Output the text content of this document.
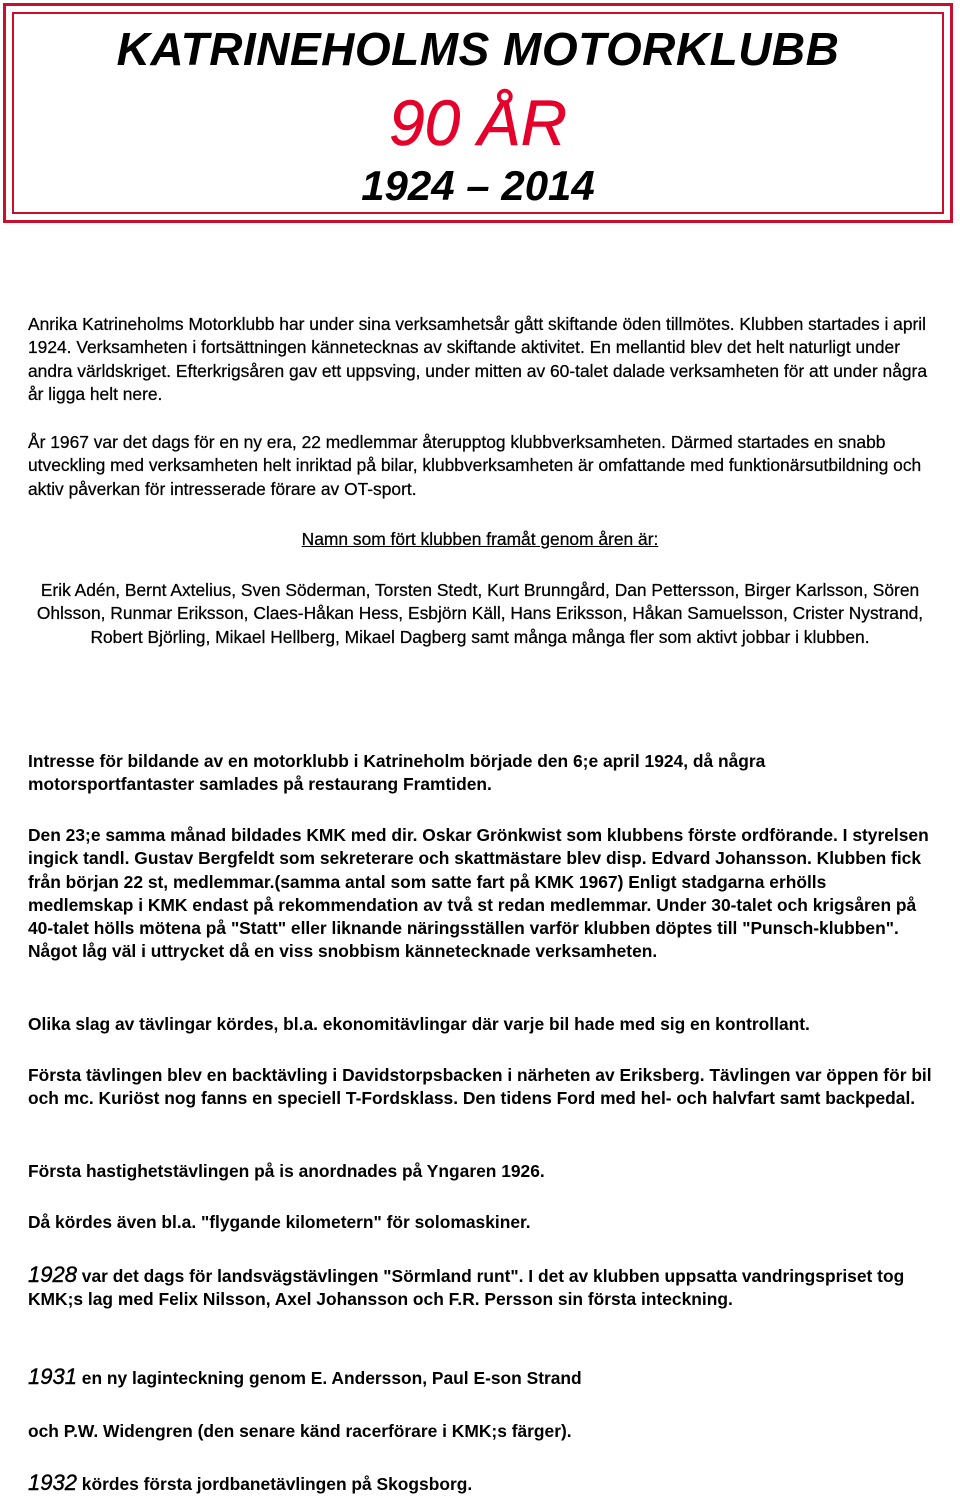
KATRINEHOLMS MOTORKLUBB
90 ÅR
1924 – 2014

Anrika Katrineholms Motorklubb har under sina verksamhetsår gått skiftande öden tillmötes. Klubben startades i april 1924. Verksamheten i fortsättningen kännetecknas av skiftande aktivitet. En mellantid blev det helt naturligt under andra världskriget. Efterkrigsåren gav ett uppsving, under mitten av 60-talet dalade verksamheten för att under några år ligga helt nere.

År 1967 var det dags för en ny era, 22 medlemmar återupptog klubbverksamheten. Därmed startades en snabb utveckling med verksamheten helt inriktad på bilar, klubbverksamheten är omfattande med funktionärsutbildning och aktiv påverkan för intresserade förare av OT-sport.

Namn som fört klubben framåt genom åren är:

Erik Adén, Bernt Axtelius, Sven Söderman, Torsten Stedt, Kurt Brunngård, Dan Pettersson, Birger Karlsson, Sören Ohlsson, Runmar Eriksson, Claes-Håkan Hess, Esbjörn Käll, Hans Eriksson, Håkan Samuelsson, Crister Nystrand, Robert Björling, Mikael Hellberg, Mikael Dagberg samt många många fler som aktivt jobbar i klubben.

Intresse för bildande av en motorklubb i Katrineholm började den 6;e april 1924, då några motorsportfantaster samlades på restaurang Framtiden.

Den 23;e samma månad bildades KMK med dir. Oskar Grönkwist som klubbens förste ordförande. I styrelsen ingick tandl. Gustav Bergfeldt som sekreterare och skattmästare blev disp. Edvard Johansson. Klubben fick från början 22 st, medlemmar.(samma antal som satte fart på KMK 1967) Enligt stadgarna erhölls medlemskap i KMK endast på rekommendation av två st redan medlemmar. Under 30-talet och krigsåren på 40-talet hölls mötena på "Statt" eller liknande näringsställen varför klubben döptes till "Punsch-klubben". Något låg väl i uttrycket då en viss snobbism kännetecknade verksamheten.

Olika slag av tävlingar kördes, bl.a. ekonomitävlingar där varje bil hade med sig en kontrollant.

Första tävlingen blev en backtävling i Davidstorpsbacken i närheten av Eriksberg. Tävlingen var öppen för bil och mc. Kuriöst nog fanns en speciell T-Fordsklass. Den tidens Ford med hel- och halvfart samt backpedal.

Första hastighetstävlingen på is anordnades på Yngaren 1926.

Då kördes även bl.a. "flygande kilometern" för solomaskiner.

1928 var det dags för landsvägstävlingen "Sörmland runt". I det av klubben uppsatta vandringspriset tog KMK;s lag med Felix Nilsson, Axel Johansson och F.R. Persson sin första inteckning.

1931 en ny laginteckning genom E. Andersson, Paul E-son Strand

och P.W. Widengren (den senare känd racerförare i KMK;s färger).

1932 kördes första jordbanetävlingen på Skogsborg.
